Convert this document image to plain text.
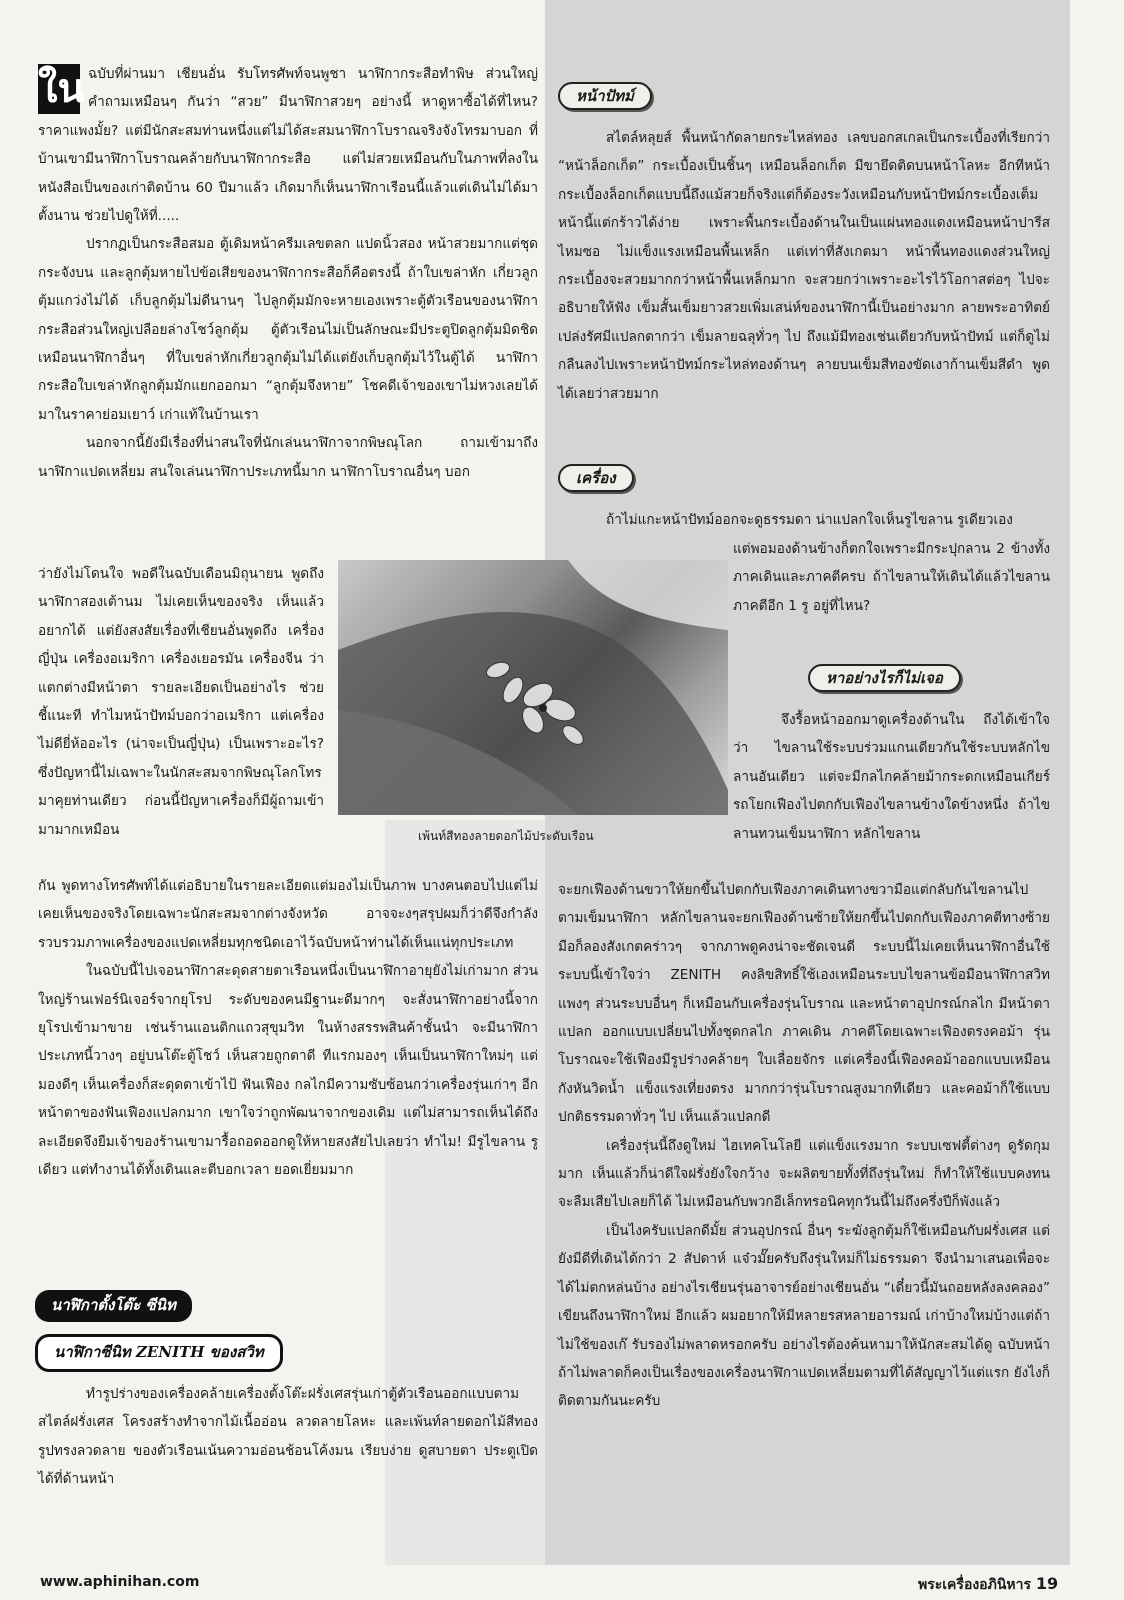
ใน ฉบับที่ผ่านมา เชียนอั่น รับโทรศัพท์จนพูชา นาฬิกากระสือทำพิษ ส่วนใหญ่คำถามเหมือนๆ กันว่า “สวย” มีนาฬิกาสวยๆ อย่างนี้ หาดูหาซื้อได้ที่ไหน? ราคาแพงมั้ย? แต่มีนักสะสมท่านหนึ่งแต่ไม่ได้สะสมนาฬิกาโบราณจริงจังโทรมาบอก ที่บ้านเขามีนาฬิกาโบราณคล้ายกับนาฬิกากระสือ แต่ไม่สวยเหมือนกับในภาพที่ลงในหนังสือเป็นของเก่าติดบ้าน 60 ปีมาแล้ว เกิดมาก็เห็นนาฬิกาเรือนนี้แล้วแต่เดินไม่ได้มาตั้งนาน ช่วยไปดูให้ที่.....

ปรากฏเป็นกระสือสมอ ตู้เดิมหน้าครีมเลขตลก แปดนิ้วสอง หน้าสวยมากแต่ชุดกระจังบน และลูกตุ้มหายไปข้อเสียของนาฬิกากระสือก็คือตรงนี้ ถ้าใบเขล่าหัก เกี่ยวลูกตุ้มแกว่งไม่ได้ เก็บลูกตุ้มไม่ดีนานๆ ไปลูกตุ้มมักจะหายเองเพราะตู้ตัวเรือนของนาฬิกากระสือส่วนใหญ่เปลือยล่างโชว์ลูกตุ้ม ตู้ตัวเรือนไม่เป็นลักษณะมีประตูปิดลูกตุ้มมิดชิดเหมือนนาฬิกาอื่นๆ ที่ใบเขล่าหักเกี่ยวลูกตุ้มไม่ได้แต่ยังเก็บลูกตุ้มไว้ในตู้ได้ นาฬิกากระสือใบเขล่าหักลูกตุ้มมักแยกออกมา “ลูกตุ้มจึงหาย” โชคดีเจ้าของเขาไม่หวงเลยได้มาในราคาย่อมเยาว์ เก่าแท้ในบ้านเรา

นอกจากนี้ยังมีเรื่องที่น่าสนใจที่นักเล่นนาฬิกาจากพิษณุโลก ถามเข้ามาถึงนาฬิกาแปดเหลี่ยม สนใจเล่นนาฬิกาประเภทนี้มาก นาฬิกาโบราณอื่นๆ บอก

ว่ายังไม่โดนใจ พอดีในฉบับเดือนมิถุนายน พูดถึงนาฬิกาสองเต้านม ไม่เคยเห็นของจริง เห็นแล้วอยากได้ แต่ยังสงสัยเรื่องที่เชียนอั่นพูดถึง เครื่องญี่ปุ่น เครื่องอเมริกา เครื่องเยอรมัน เครื่องจีน ว่าแตกต่างมีหน้าตา รายละเอียดเป็นอย่างไร ช่วยชี้แนะที ทำไมหน้าปัทม์บอกว่าอเมริกา แต่เครื่องไม่ดียี่ห้ออะไร (น่าจะเป็นญี่ปุ่น) เป็นเพราะอะไร? ซึ่งปัญหานี้ไม่เฉพาะในนักสะสมจากพิษณุโลกโทรมาคุยท่านเดียว ก่อนนี้ปัญหาเครื่องก็มีผู้ถามเข้ามามากเหมือน	เพ้นท์สีทองลายดอกไม้ประดับเรือน

กัน พูดทางโทรศัพท์ได้แต่อธิบายในรายละเอียดแต่มองไม่เป็นภาพ บางคนตอบไปแต่ไม่เคยเห็นของจริงโดยเฉพาะนักสะสมจากต่างจังหวัด อาจจะงๆสรุปผมก็ว่าดีจึงกำลังรวบรวมภาพเครื่องของแปดเหลี่ยมทุกชนิดเอาไว้ฉบับหน้าท่านได้เห็นแน่ทุกประเภท

ในฉบับนี้ไปเจอนาฬิกาสะดุดสายตาเรือนหนึ่งเป็นนาฬิกาอายุยังไม่เก่ามาก ส่วนใหญ่ร้านเฟอร์นิเจอร์จากยุโรป ระดับของคนมีฐานะดีมากๆ จะสั่งนาฬิกาอย่างนี้จากยุโรปเข้ามาขาย เช่นร้านแอนติกแถวสุขุมวิท ในห้างสรรพสินค้าชั้นนำ จะมีนาฬิกาประเภทนี้วางๆ อยู่บนโต๊ะตู้โชว์ เห็นสวยถูกตาดี ทีแรกมองๆ เห็นเป็นนาฬิกาใหม่ๆ แต่มองดีๆ เห็นเครื่องก็สะดุดตาเข้าไป้ ฟันเฟือง กลไกมีความซับซ้อนกว่าเครื่องรุ่นเก่าๆ อีก หน้าตาของฟันเฟืองแปลกมาก เขาใจว่าถูกพัฒนาจากของเดิม แต่ไม่สามารถเห็นได้ถึงละเอียดจึงยืมเจ้าของร้านเขามารื้อถอดออกดูให้หายสงสัยไปเลยว่า ทำไม! มีรูไขลาน รูเดียว แต่ทำงานได้ทั้งเดินและตีบอกเวลา ยอดเยี่ยมมาก

นาฬิกาตั้งโต๊ะ ซีนิท
นาฬิกาซีนิท ZENITH ของสวิท

ทำรูปร่างของเครื่องคล้ายเครื่องตั้งโต๊ะฝรั่งเศสรุ่นเก่าตู้ตัวเรือนออกแบบตามสไตล์ฝรั่งเศส โครงสร้างทำจากไม้เนื้ออ่อน ลวดลายโลหะ และเพ้นท์ลายดอกไม้สีทองรูปทรงลวดลาย ของตัวเรือนเน้นความอ่อนช้อนโค้งมน เรียบง่าย ดูสบายตา ประตูเปิดได้ที่ด้านหน้า

หน้าปัทม์

สไตล์หลุยส์ พื้นหน้ากัดลายกระไหล่ทอง เลขบอกสเกลเป็นกระเบื้องที่เรียกว่า “หน้าล็อกเก็ต” กระเบื้องเป็นชิ้นๆ เหมือนล็อกเก็ต มีขายึดติดบนหน้าโลหะ อีกทีหน้ากระเบื้องล็อกเก็ตแบบนี้ถึงแม้สวยก็จริงแต่ก็ต้องระวังเหมือนกับหน้าปัทม์กระเบื้องเต็ม หน้านี้แต่กร้าวได้ง่าย เพราะพื้นกระเบื้องด้านในเป็นแผ่นทองแดงเหมือนหน้าปารีส ไหมซอ ไม่แข็งแรงเหมือนพื้นเหล็ก แต่เท่าที่สังเกตมา หน้าพื้นทองแดงส่วนใหญ่กระเบื้องจะสวยมากกว่าหน้าพื้นเหล็กมาก จะสวยกว่าเพราะอะไรไว้โอกาสต่อๆ ไปจะอธิบายให้ฟัง เข็มสั้นเข็มยาวสวยเพิ่มเสน่ห์ของนาฬิกานี้เป็นอย่างมาก ลายพระอาทิตย์เปล่งรัศมีแปลกตากว่า เข็มลายฉลุทั่วๆ ไป ถึงแม้มีทองเช่นเดียวกับหน้าปัทม์ แต่ก็ดูไม่กลืนลงไปเพราะหน้าปัทม์กระไหล่ทองด้านๆ ลายบนเข็มสีทองขัดเงาก้านเข็มสีดำ พูดได้เลยว่าสวยมาก

เครื่อง

ถ้าไม่แกะหน้าปัทม์ออกจะดูธรรมดา น่าแปลกใจเห็นรูไขลาน รูเดียวเอง

แต่พอมองด้านข้างก็ตกใจเพราะมีกระปุกลาน 2 ข้างทั้งภาคเดินและภาคตีครบ ถ้าไขลานให้เดินได้แล้วไขลานภาคตีอีก 1 รู อยู่ที่ไหน?

หาอย่างไรก็ไม่เจอ

จึงรื้อหน้าออกมาดูเครื่องด้านใน ถึงได้เข้าใจว่า ไขลานใช้ระบบร่วมแกนเดียวกันใช้ระบบหลักไขลานอันเดียว แต่จะมีกลไกคล้ายม้ากระดกเหมือนเกียร์รถโยกเฟืองไปตกกับเฟืองไขลานข้างใดข้างหนึ่ง ถ้าไขลานทวนเข็มนาฬิกา หลักไขลาน

จะยกเฟืองด้านขวาให้ยกขึ้นไปตกกับเฟืองภาคเดินทางขวามือแต่กลับกันไขลานไปตามเข็มนาฬิกา หลักไขลานจะยกเฟืองด้านซ้ายให้ยกขึ้นไปตกกับเฟืองภาคตีทางซ้ายมือก็ลองสังเกตคร่าวๆ จากภาพดูคงน่าจะชัดเจนดี ระบบนี้ไม่เคยเห็นนาฬิกาอื่นใช้ระบบนี้เข้าใจว่า ZENITH คงลิขสิทธิ์ใช้เองเหมือนระบบไขลานข้อมือนาฬิกาสวิทแพงๆ ส่วนระบบอื่นๆ ก็เหมือนกับเครื่องรุ่นโบราณ และหน้าตาอุปกรณ์กลไก มีหน้าตาแปลก ออกแบบเปลี่ยนไปทั้งชุดกลไก ภาคเดิน ภาคตีโดยเฉพาะเฟืองตรงคอม้า รุ่นโบราณจะใช้เฟืองมีรูปร่างคล้ายๆ ใบเลื่อยจักร แต่เครื่องนี้เฟืองคอม้าออกแบบเหมือนกังหันวิดน้ำ แข็งแรงเที่ยงตรง มากกว่ารุ่นโบราณสูงมากทีเดียว และคอม้าก็ใช้แบบปกติธรรมดาทั่วๆ ไป เห็นแล้วแปลกดี

เครื่องรุ่นนี้ถึงดูใหม่ ไฮเทคโนโลยี แต่แข็งแรงมาก ระบบเซฟตี้ต่างๆ ดูรัดกุมมาก เห็นแล้วก็น่าดีใจฝรั่งยังใจกว้าง จะผลิตขายทั้งที่ถึงรุ่นใหม่ ก็ทำให้ใช้แบบคงทนจะลืมเสียไปเลยก็ได้ ไม่เหมือนกับพวกอีเล็กทรอนิคทุกวันนี้ไม่ถึงครึ่งปีก็พังแล้ว

เป็นไงครับแปลกดีมั้ย ส่วนอุปกรณ์ อื่นๆ ระฆังลูกตุ้มก็ใช้เหมือนกับฝรั่งเศส แต่ยังมีดีที่เดินได้กว่า 2 สัปดาห์ แจ๋วมั๊ยครับถึงรุ่นใหม่ก็ไม่ธรรมดา จึงนำมาเสนอเพื่อจะได้ไม่ตกหล่นบ้าง อย่างไรเชียนรุ่นอาจารย์อย่างเชียนอั่น “เดี๋ยวนี้มันถอยหลังลงคลอง” เขียนถึงนาฬิกาใหม่ อีกแล้ว ผมอยากให้มีหลายรสหลายอารมณ์ เก่าบ้างใหม่บ้างแต่ถ้าไม่ใช้ของเก๊ รับรองไม่พลาดหรอกครับ อย่างไรต้องค้นหามาให้นักสะสมได้ดู ฉบับหน้าถ้าไม่พลาดก็คงเป็นเรื่องของเครื่องนาฬิกาแปดเหลี่ยมตามที่ได้สัญญาไว้แต่แรก ยังไงก็ติดตามกันนะครับ

www.aphinihan.com	พระเครื่องอภินิหาร 19
